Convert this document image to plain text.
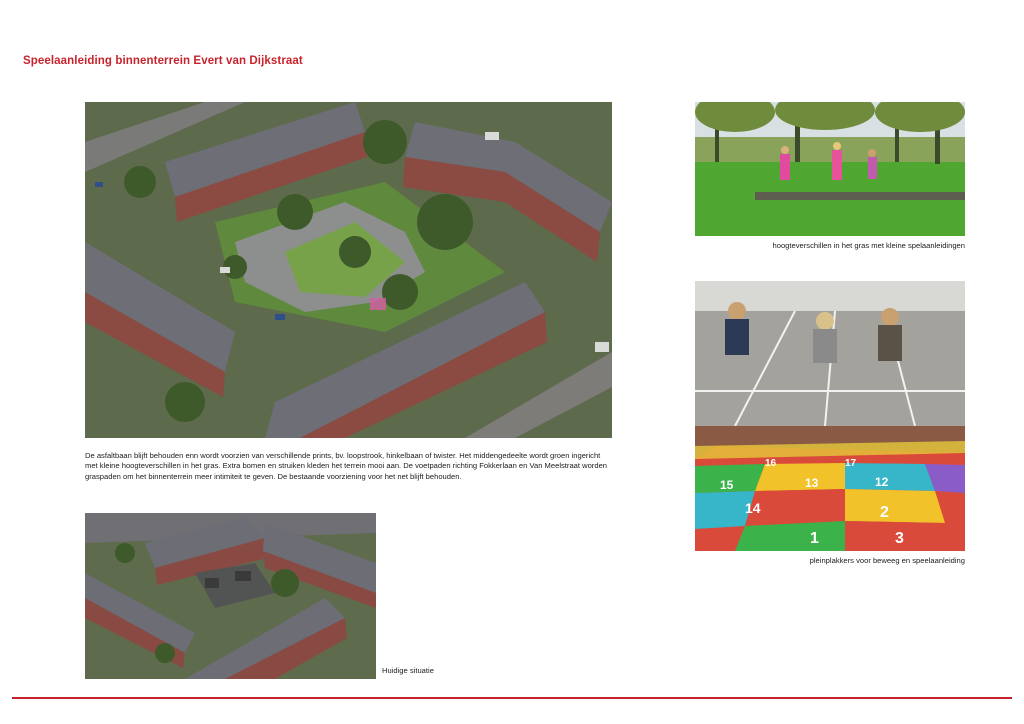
Speelaanleiding binnenterrein Evert van Dijkstraat
De asfaltbaan blijft behouden enn wordt voorzien van verschillende prints, bv. loopstrook, hinkelbaan of twister. Het middengedeelte wordt groen ingericht met kleine hoogteverschillen in het gras. Extra bomen en struiken kleden het terrein mooi aan. De voetpaden richting Fokkerlaan en Van Meelstraat worden graspaden om het binnenterrein meer intimiteit te geven. De bestaande voorziening voor het net blijft behouden.
Huidige situatie
hoogteverschillen in het gras met kleine spelaanleidingen
14
15	13	12
1
2
3
16	17
pleinplakkers voor beweeg en speelaanleiding
